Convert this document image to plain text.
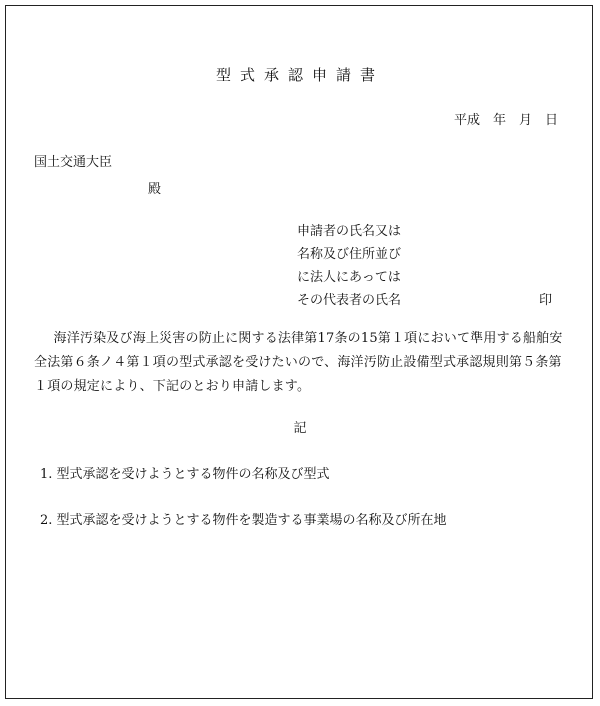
型式承認申請書
平成　年　月　日
国土交通大臣
殿
申請者の氏名又は
名称及び住所並び
に法人にあっては
その代表者の氏名	印
海洋汚染及び海上災害の防止に関する法律第17条の15第１項において準用する船舶安全法第６条ノ４第１項の型式承認を受けたいので、海洋汚防止設備型式承認規則第５条第１項の規定により、下記のとおり申請します。
記
1. 型式承認を受けようとする物件の名称及び型式
2. 型式承認を受けようとする物件を製造する事業場の名称及び所在地
